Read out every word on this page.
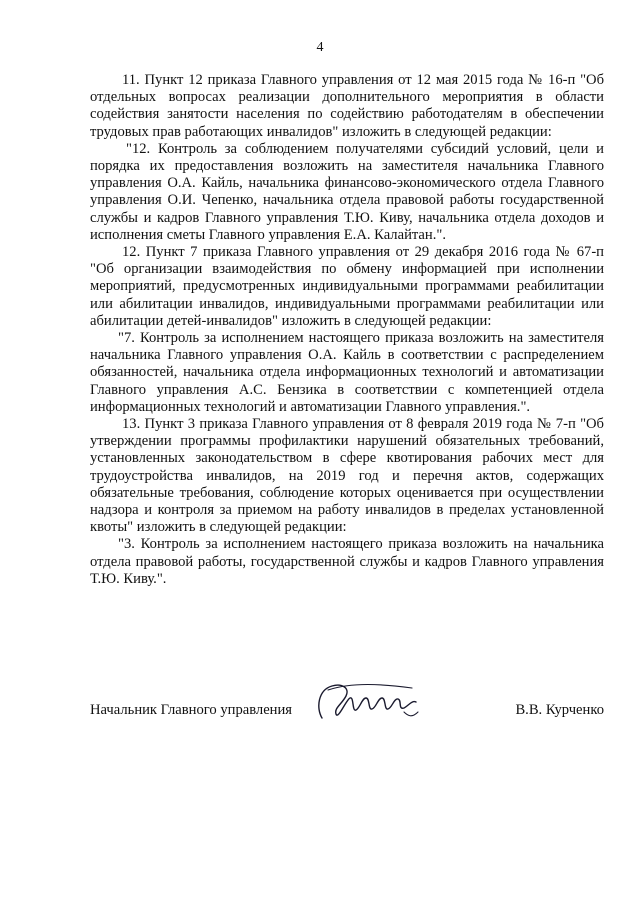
4

11. Пункт 12 приказа Главного управления от 12 мая 2015 года № 16-п "Об отдельных вопросах реализации дополнительного мероприятия в области содействия занятости населения по содействию работодателям в обеспечении трудовых прав работающих инвалидов" изложить в следующей редакции:

"12. Контроль за соблюдением получателями субсидий условий, цели и порядка их предоставления возложить на заместителя начальника Главного управления О.А. Кайль, начальника финансово-экономического отдела Главного управления О.И. Чепенко, начальника отдела правовой работы государственной службы и кадров Главного управления Т.Ю. Киву, начальника отдела доходов и исполнения сметы Главного управления Е.А. Калайтан.".

12. Пункт 7 приказа Главного управления от 29 декабря 2016 года № 67-п "Об организации взаимодействия по обмену информацией при исполнении мероприятий, предусмотренных индивидуальными программами реабилитации или абилитации инвалидов, индивидуальными программами реабилитации или абилитации детей-инвалидов" изложить в следующей редакции:

"7. Контроль за исполнением настоящего приказа возложить на заместителя начальника Главного управления О.А. Кайль в соответствии с распределением обязанностей, начальника отдела информационных технологий и автоматизации Главного управления А.С. Бензика в соответствии с компетенцией отдела информационных технологий и автоматизации Главного управления.".

13. Пункт 3 приказа Главного управления от 8 февраля 2019 года № 7-п "Об утверждении программы профилактики нарушений обязательных требований, установленных законодательством в сфере квотирования рабочих мест для трудоустройства инвалидов, на 2019 год и перечня актов, содержащих обязательные требования, соблюдение которых оценивается при осуществлении надзора и контроля за приемом на работу инвалидов в пределах установленной квоты" изложить в следующей редакции:

"3. Контроль за исполнением настоящего приказа возложить на начальника отдела правовой работы, государственной службы и кадров Главного управления Т.Ю. Киву.".

Начальник Главного управления	В.В. Курченко
